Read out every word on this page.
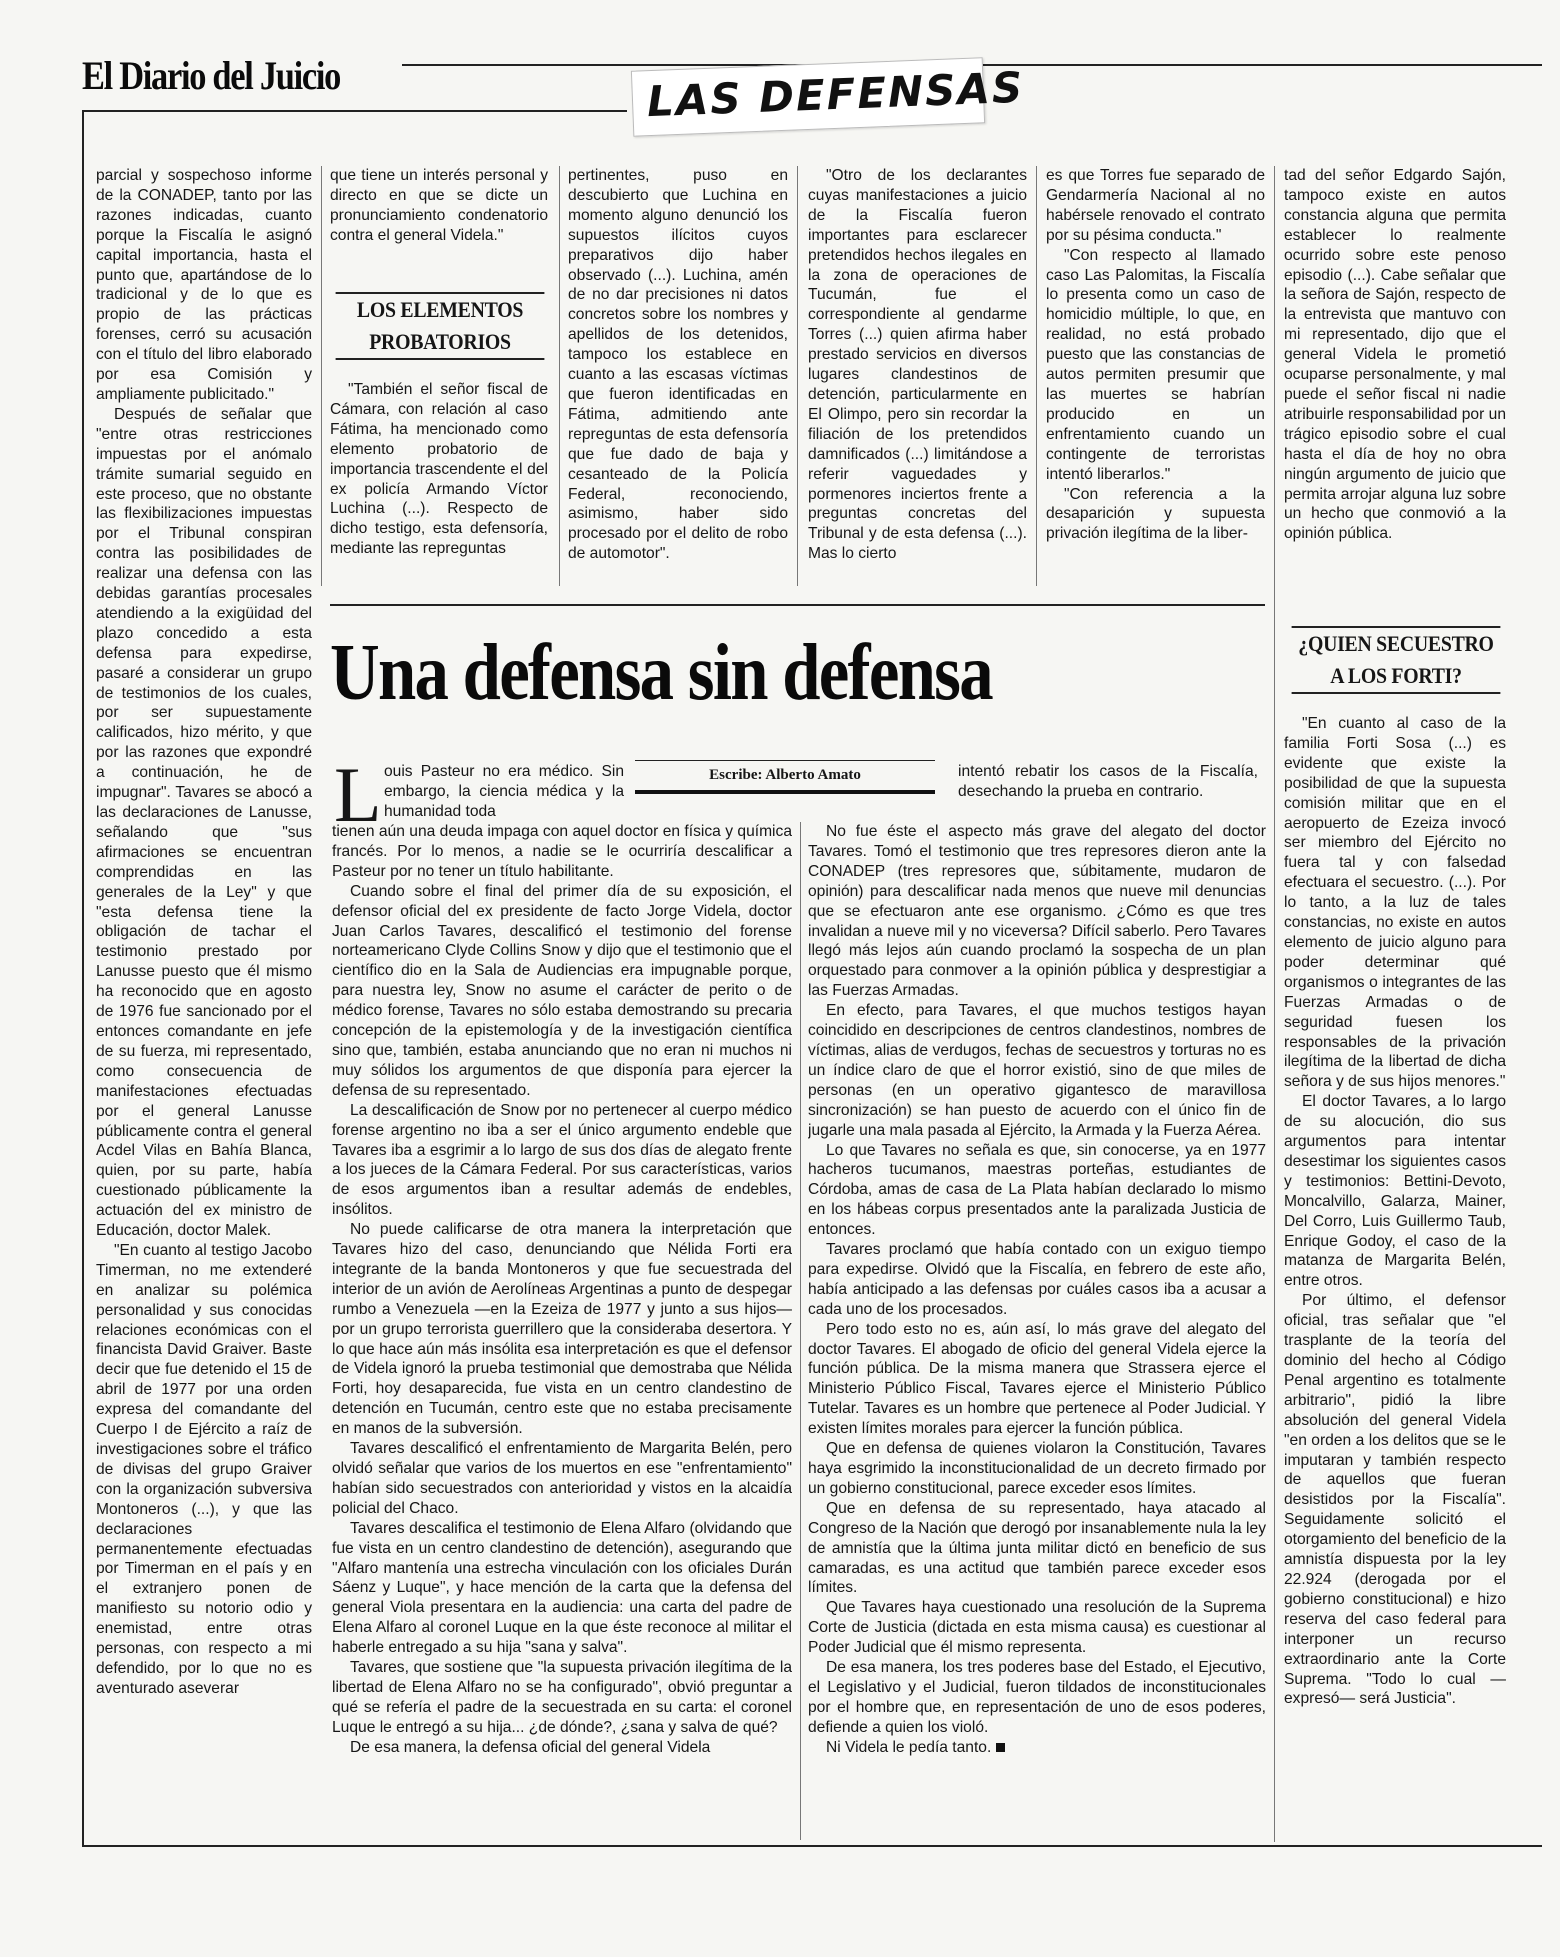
El Diario del Juicio	LAS DEFENSAS

parcial y sospechoso informe de la CONADEP, tanto por las razones indicadas, cuanto porque la Fiscalía le asignó capital importancia, hasta el punto que, apartándose de lo tradicional y de lo que es propio de las prácticas forenses, cerró su acusación con el título del libro elaborado por esa Comisión y ampliamente publicitado."

Después de señalar que "entre otras restricciones impuestas por el anómalo trámite sumarial seguido en este proceso, que no obstante las flexibilizaciones impuestas por el Tribunal conspiran contra las posibilidades de realizar una defensa con las debidas garantías procesales atendiendo a la exigüidad del plazo concedido a esta defensa para expedirse, pasaré a considerar un grupo de testimonios de los cuales, por ser supuestamente calificados, hizo mérito, y que por las razones que expondré a continuación, he de impugnar". Tavares se abocó a las declaraciones de Lanusse, señalando que "sus afirmaciones se encuentran comprendidas en las generales de la Ley" y que "esta defensa tiene la obligación de tachar el testimonio prestado por Lanusse puesto que él mismo ha reconocido que en agosto de 1976 fue sancionado por el entonces comandante en jefe de su fuerza, mi representado, como consecuencia de manifestaciones efectuadas por el general Lanusse públicamente contra el general Acdel Vilas en Bahía Blanca, quien, por su parte, había cuestionado públicamente la actuación del ex ministro de Educación, doctor Malek.

"En cuanto al testigo Jacobo Timerman, no me extenderé en analizar su polémica personalidad y sus conocidas relaciones económicas con el financista David Graiver. Baste decir que fue detenido el 15 de abril de 1977 por una orden expresa del comandante del Cuerpo I de Ejército a raíz de investigaciones sobre el tráfico de divisas del grupo Graiver con la organización subversiva Montoneros (...), y que las declaraciones permanentemente efectuadas por Timerman en el país y en el extranjero ponen de manifiesto su notorio odio y enemistad, entre otras personas, con respecto a mi defendido, por lo que no es aventurado aseverar

que tiene un interés personal y directo en que se dicte un pronunciamiento condenatorio contra el general Videla."

LOS ELEMENTOS
PROBATORIOS

"También el señor fiscal de Cámara, con relación al caso Fátima, ha mencionado como elemento probatorio de importancia trascendente el del ex policía Armando Víctor Luchina (...). Respecto de dicho testigo, esta defensoría, mediante las repreguntas

pertinentes, puso en descubierto que Luchina en momento alguno denunció los supuestos ilícitos cuyos preparativos dijo haber observado (...). Luchina, amén de no dar precisiones ni datos concretos sobre los nombres y apellidos de los detenidos, tampoco los establece en cuanto a las escasas víctimas que fueron identificadas en Fátima, admitiendo ante repreguntas de esta defensoría que fue dado de baja y cesanteado de la Policía Federal, reconociendo, asimismo, haber sido procesado por el delito de robo de automotor".

"Otro de los declarantes cuyas manifestaciones a juicio de la Fiscalía fueron importantes para esclarecer pretendidos hechos ilegales en la zona de operaciones de Tucumán, fue el correspondiente al gendarme Torres (...) quien afirma haber prestado servicios en diversos lugares clandestinos de detención, particularmente en El Olimpo, pero sin recordar la filiación de los pretendidos damnificados (...) limitándose a referir vaguedades y pormenores inciertos frente a preguntas concretas del Tribunal y de esta defensa (...). Mas lo cierto

es que Torres fue separado de Gendarmería Nacional al no habérsele renovado el contrato por su pésima conducta."

"Con respecto al llamado caso Las Palomitas, la Fiscalía lo presenta como un caso de homicidio múltiple, lo que, en realidad, no está probado puesto que las constancias de autos permiten presumir que las muertes se habrían producido en un enfrentamiento cuando un contingente de terroristas intentó liberarlos."

"Con referencia a la desaparición y supuesta privación ilegítima de la liber-

tad del señor Edgardo Sajón, tampoco existe en autos constancia alguna que permita establecer lo realmente ocurrido sobre este penoso episodio (...). Cabe señalar que la señora de Sajón, respecto de la entrevista que mantuvo con mi representado, dijo que el general Videla le prometió ocuparse personalmente, y mal puede el señor fiscal ni nadie atribuirle responsabilidad por un trágico episodio sobre el cual hasta el día de hoy no obra ningún argumento de juicio que permita arrojar alguna luz sobre un hecho que conmovió a la opinión pública.

¿QUIEN SECUESTRO
A LOS FORTI?

"En cuanto al caso de la familia Forti Sosa (...) es evidente que existe la posibilidad de que la supuesta comisión militar que en el aeropuerto de Ezeiza invocó ser miembro del Ejército no fuera tal y con falsedad efectuara el secuestro. (...). Por lo tanto, a la luz de tales constancias, no existe en autos elemento de juicio alguno para poder determinar qué organismos o integrantes de las Fuerzas Armadas o de seguridad fuesen los responsables de la privación ilegítima de la libertad de dicha señora y de sus hijos menores."

El doctor Tavares, a lo largo de su alocución, dio sus argumentos para intentar desestimar los siguientes casos y testimonios: Bettini-Devoto, Moncalvillo, Galarza, Mainer, Del Corro, Luis Guillermo Taub, Enrique Godoy, el caso de la matanza de Margarita Belén, entre otros.

Por último, el defensor oficial, tras señalar que "el trasplante de la teoría del dominio del hecho al Código Penal argentino es totalmente arbitrario", pidió la libre absolución del general Videla "en orden a los delitos que se le imputaran y también respecto de aquellos que fueran desistidos por la Fiscalía". Seguidamente solicitó el otorgamiento del beneficio de la amnistía dispuesta por la ley 22.924 (derogada por el gobierno constitucional) e hizo reserva del caso federal para interponer un recurso extraordinario ante la Corte Suprema. "Todo lo cual —expresó— será Justicia".

Una defensa sin defensa
L ouis Pasteur no era médico. Sin embargo, la ciencia médica y la humanidad toda

Escribe: Alberto Amato	intentó rebatir los casos de la Fiscalía, desechando la prueba en contrario.

tienen aún una deuda impaga con aquel doctor en física y química francés. Por lo menos, a nadie se le ocurriría descalificar a Pasteur por no tener un título habilitante.

Cuando sobre el final del primer día de su exposición, el defensor oficial del ex presidente de facto Jorge Videla, doctor Juan Carlos Tavares, descalificó el testimonio del forense norteamericano Clyde Collins Snow y dijo que el testimonio que el científico dio en la Sala de Audiencias era impugnable porque, para nuestra ley, Snow no asume el carácter de perito o de médico forense, Tavares no sólo estaba demostrando su precaria concepción de la epistemología y de la investigación científica sino que, también, estaba anunciando que no eran ni muchos ni muy sólidos los argumentos de que disponía para ejercer la defensa de su representado.

La descalificación de Snow por no pertenecer al cuerpo médico forense argentino no iba a ser el único argumento endeble que Tavares iba a esgrimir a lo largo de sus dos días de alegato frente a los jueces de la Cámara Federal. Por sus características, varios de esos argumentos iban a resultar además de endebles, insólitos.

No puede calificarse de otra manera la interpretación que Tavares hizo del caso, denunciando que Nélida Forti era integrante de la banda Montoneros y que fue secuestrada del interior de un avión de Aerolíneas Argentinas a punto de despegar rumbo a Venezuela —en la Ezeiza de 1977 y junto a sus hijos— por un grupo terrorista guerrillero que la consideraba desertora. Y lo que hace aún más insólita esa interpretación es que el defensor de Videla ignoró la prueba testimonial que demostraba que Nélida Forti, hoy desaparecida, fue vista en un centro clandestino de detención en Tucumán, centro este que no estaba precisamente en manos de la subversión.

Tavares descalificó el enfrentamiento de Margarita Belén, pero olvidó señalar que varios de los muertos en ese "enfrentamiento" habían sido secuestrados con anterioridad y vistos en la alcaidía policial del Chaco.

Tavares descalifica el testimonio de Elena Alfaro (olvidando que fue vista en un centro clandestino de detención), asegurando que "Alfaro mantenía una estrecha vinculación con los oficiales Durán Sáenz y Luque", y hace mención de la carta que la defensa del general Viola presentara en la audiencia: una carta del padre de Elena Alfaro al coronel Luque en la que éste reconoce al militar el haberle entregado a su hija "sana y salva".

Tavares, que sostiene que "la supuesta privación ilegítima de la libertad de Elena Alfaro no se ha configurado", obvió preguntar a qué se refería el padre de la secuestrada en su carta: el coronel Luque le entregó a su hija... ¿de dónde?, ¿sana y salva de qué?

De esa manera, la defensa oficial del general Videla

No fue éste el aspecto más grave del alegato del doctor Tavares. Tomó el testimonio que tres represores dieron ante la CONADEP (tres represores que, súbitamente, mudaron de opinión) para descalificar nada menos que nueve mil denuncias que se efectuaron ante ese organismo. ¿Cómo es que tres invalidan a nueve mil y no viceversa? Difícil saberlo. Pero Tavares llegó más lejos aún cuando proclamó la sospecha de un plan orquestado para conmover a la opinión pública y desprestigiar a las Fuerzas Armadas.

En efecto, para Tavares, el que muchos testigos hayan coincidido en descripciones de centros clandestinos, nombres de víctimas, alias de verdugos, fechas de secuestros y torturas no es un índice claro de que el horror existió, sino de que miles de personas (en un operativo gigantesco de maravillosa sincronización) se han puesto de acuerdo con el único fin de jugarle una mala pasada al Ejército, la Armada y la Fuerza Aérea.

Lo que Tavares no señala es que, sin conocerse, ya en 1977 hacheros tucumanos, maestras porteñas, estudiantes de Córdoba, amas de casa de La Plata habían declarado lo mismo en los hábeas corpus presentados ante la paralizada Justicia de entonces.

Tavares proclamó que había contado con un exiguo tiempo para expedirse. Olvidó que la Fiscalía, en febrero de este año, había anticipado a las defensas por cuáles casos iba a acusar a cada uno de los procesados.

Pero todo esto no es, aún así, lo más grave del alegato del doctor Tavares. El abogado de oficio del general Videla ejerce la función pública. De la misma manera que Strassera ejerce el Ministerio Público Fiscal, Tavares ejerce el Ministerio Público Tutelar. Tavares es un hombre que pertenece al Poder Judicial. Y existen límites morales para ejercer la función pública.

Que en defensa de quienes violaron la Constitución, Tavares haya esgrimido la inconstitucionalidad de un decreto firmado por un gobierno constitucional, parece exceder esos límites.

Que en defensa de su representado, haya atacado al Congreso de la Nación que derogó por insanablemente nula la ley de amnistía que la última junta militar dictó en beneficio de sus camaradas, es una actitud que también parece exceder esos límites.

Que Tavares haya cuestionado una resolución de la Suprema Corte de Justicia (dictada en esta misma causa) es cuestionar al Poder Judicial que él mismo representa.

De esa manera, los tres poderes base del Estado, el Ejecutivo, el Legislativo y el Judicial, fueron tildados de inconstitucionales por el hombre que, en representación de uno de esos poderes, defiende a quien los violó.

Ni Videla le pedía tanto.
